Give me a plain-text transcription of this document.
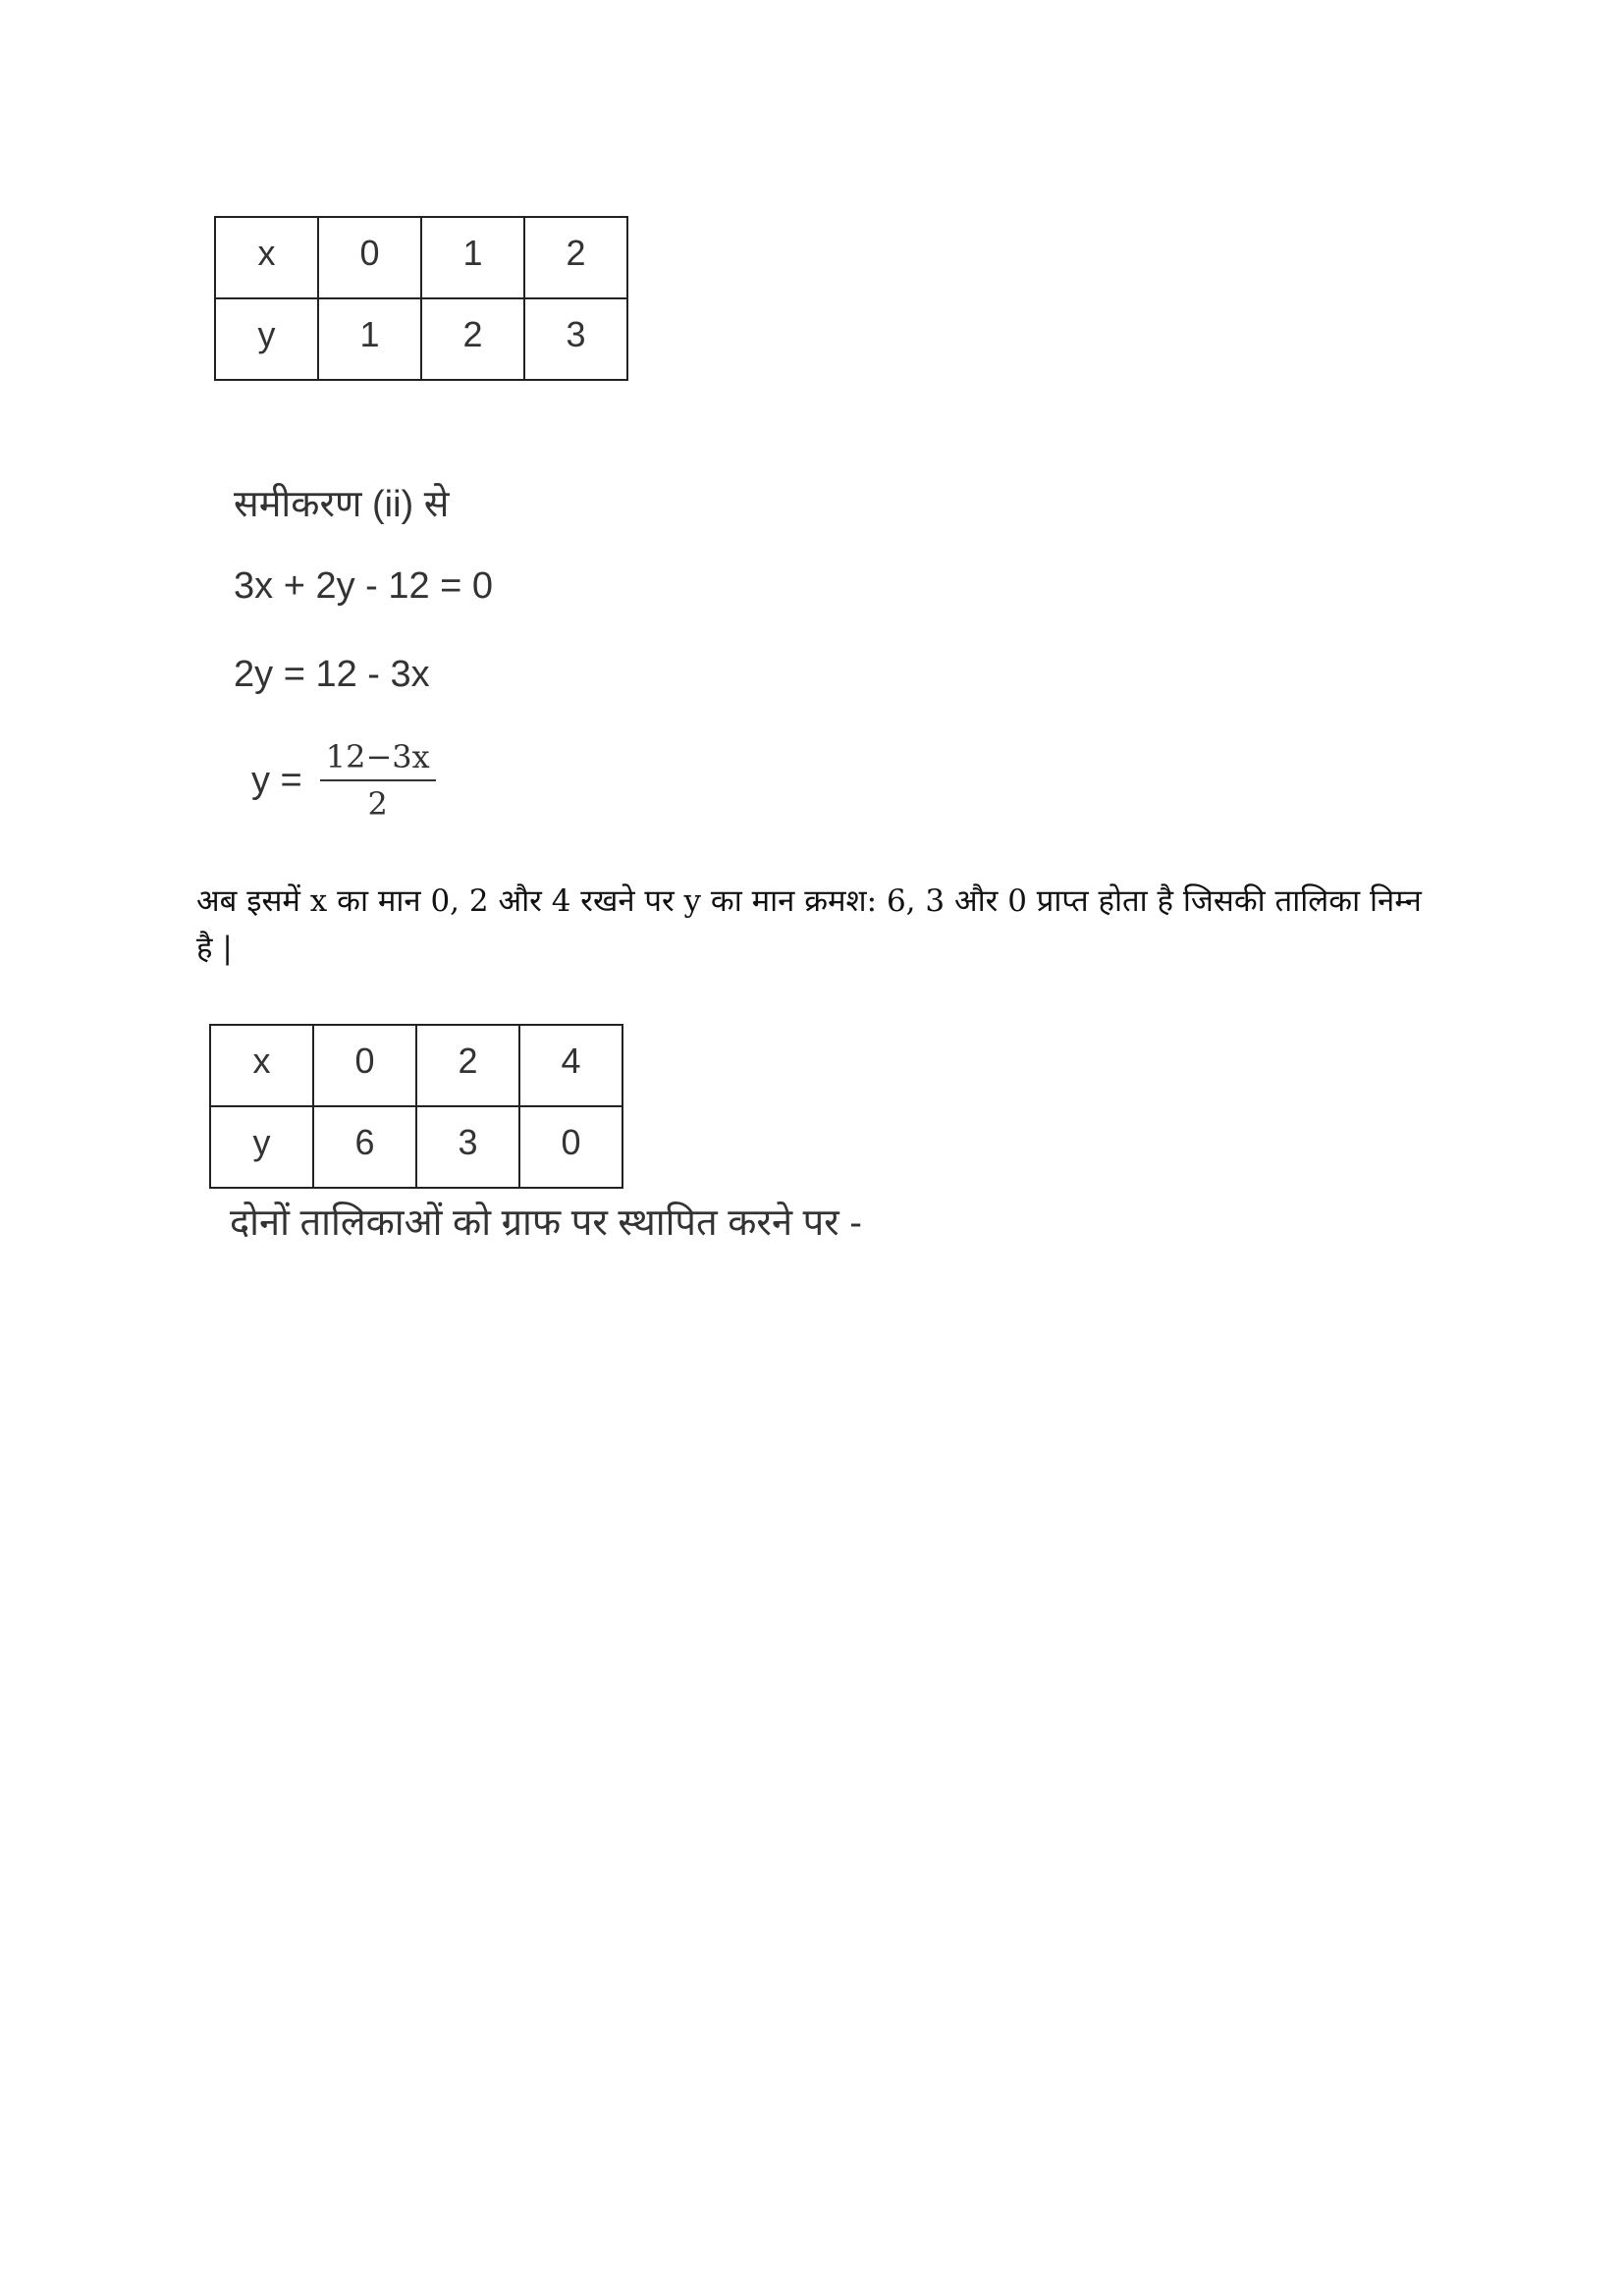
x	0	1	2
y	1	2	3
समीकरण (ii) से
3x + 2y - 12 = 0
2y = 12 - 3x
$y = \frac{12-3x}{2}$
अब इसमें x का मान 0, 2 और 4 रखने पर y का मान क्रमश: 6, 3 और 0 प्राप्त होता है जिसकी तालिका निम्न है |
x	0	2	4
y	6	3	0
दोनों तालिकाओं को ग्राफ पर स्थापित करने पर -
